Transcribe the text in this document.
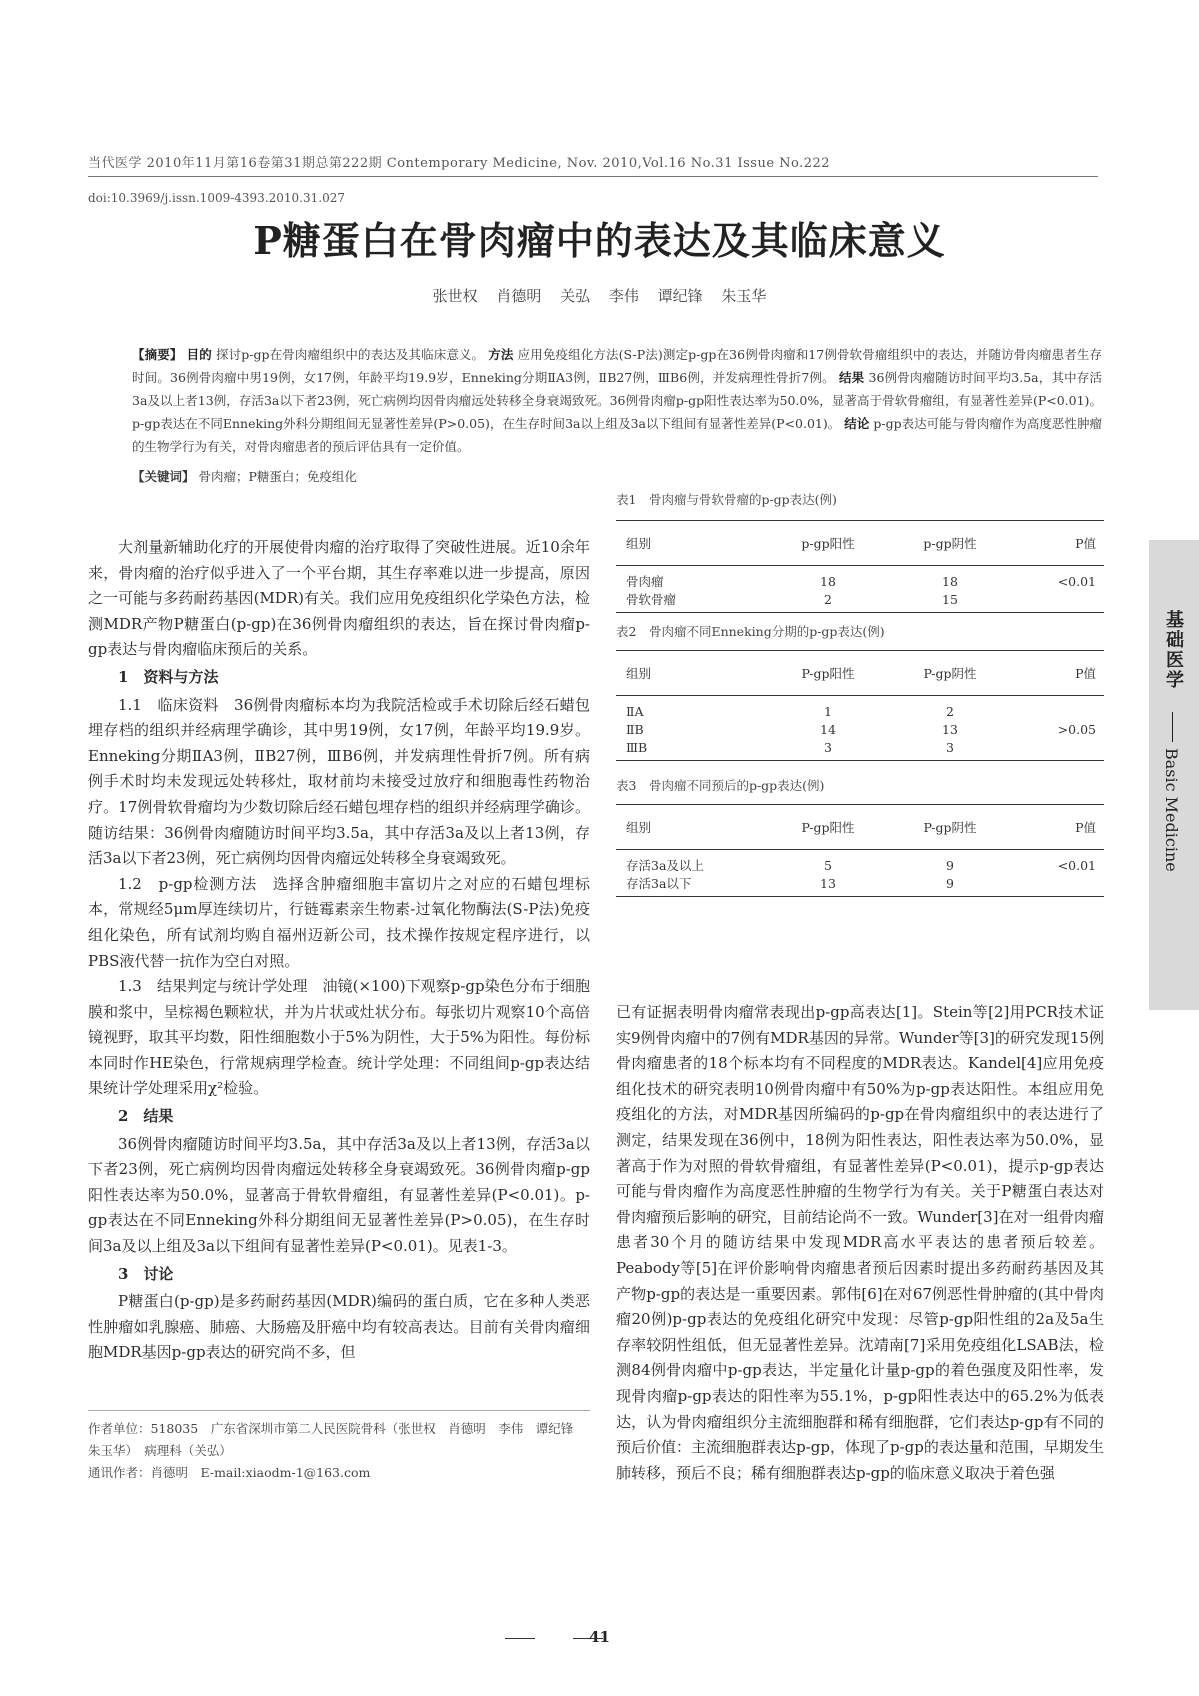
当代医学 2010年11月第16卷第31期总第222期 Contemporary Medicine, Nov. 2010,Vol.16 No.31 Issue No.222
doi:10.3969/j.issn.1009-4393.2010.31.027
P糖蛋白在骨肉瘤中的表达及其临床意义
张世权 肖德明 关弘 李伟 谭纪锋 朱玉华
【摘要】 目的 探讨p-gp在骨肉瘤组织中的表达及其临床意义。 方法 应用免疫组化方法(S-P法)测定p-gp在36例骨肉瘤和17例骨软骨瘤组织中的表达，并随访骨肉瘤患者生存时间。36例骨肉瘤中男19例，女17例，年龄平均19.9岁，Enneking分期ⅡA3例，ⅡB27例，ⅢB6例，并发病理性骨折7例。 结果 36例骨肉瘤随访时间平均3.5a，其中存活3a及以上者13例，存活3a以下者23例，死亡病例均因骨肉瘤远处转移全身衰竭致死。36例骨肉瘤p-gp阳性表达率为50.0%，显著高于骨软骨瘤组，有显著性差异(P<0.01)。p-gp表达在不同Enneking外科分期组间无显著性差异(P>0.05)，在生存时间3a以上组及3a以下组间有显著性差异(P<0.01)。 结论 p-gp表达可能与骨肉瘤作为高度恶性肿瘤的生物学行为有关，对骨肉瘤患者的预后评估具有一定价值。
【关键词】 骨肉瘤；P糖蛋白；免疫组化

大剂量新辅助化疗的开展使骨肉瘤的治疗取得了突破性进展。近10余年来，骨肉瘤的治疗似乎进入了一个平台期，其生存率难以进一步提高，原因之一可能与多药耐药基因(MDR)有关。我们应用免疫组织化学染色方法，检测MDR产物P糖蛋白(p-gp)在36例骨肉瘤组织的表达，旨在探讨骨肉瘤p-gp表达与骨肉瘤临床预后的关系。

1　资料与方法

1.1　临床资料　36例骨肉瘤标本均为我院活检或手术切除后经石蜡包埋存档的组织并经病理学确诊，其中男19例，女17例，年龄平均19.9岁。Enneking分期ⅡA3例，ⅡB27例，ⅢB6例，并发病理性骨折7例。所有病例手术时均未发现远处转移灶，取材前均未接受过放疗和细胞毒性药物治疗。17例骨软骨瘤均为少数切除后经石蜡包埋存档的组织并经病理学确诊。随访结果：36例骨肉瘤随访时间平均3.5a，其中存活3a及以上者13例，存活3a以下者23例，死亡病例均因骨肉瘤远处转移全身衰竭致死。

1.2　p-gp检测方法　选择含肿瘤细胞丰富切片之对应的石蜡包埋标本，常规经5μm厚连续切片，行链霉素亲生物素-过氧化物酶法(S-P法)免疫组化染色，所有试剂均购自福州迈新公司，技术操作按规定程序进行，以PBS液代替一抗作为空白对照。

1.3　结果判定与统计学处理　油镜(×100)下观察p-gp染色分布于细胞膜和浆中，呈棕褐色颗粒状，并为片状或灶状分布。每张切片观察10个高倍镜视野，取其平均数，阳性细胞数小于5%为阴性，大于5%为阳性。每份标本同时作HE染色，行常规病理学检查。统计学处理：不同组间p-gp表达结果统计学处理采用χ²检验。

2　结果

36例骨肉瘤随访时间平均3.5a，其中存活3a及以上者13例，存活3a以下者23例，死亡病例均因骨肉瘤远处转移全身衰竭致死。36例骨肉瘤p-gp阳性表达率为50.0%，显著高于骨软骨瘤组，有显著性差异(P<0.01)。p-gp表达在不同Enneking外科分期组间无显著性差异(P>0.05)，在生存时间3a及以上组及3a以下组间有显著性差异(P<0.01)。见表1-3。

3　讨论

P糖蛋白(p-gp)是多药耐药基因(MDR)编码的蛋白质，它在多种人类恶性肿瘤如乳腺癌、肺癌、大肠癌及肝癌中均有较高表达。目前有关骨肉瘤细胞MDR基因p-gp表达的研究尚不多，但

作者单位：518035　广东省深圳市第二人民医院骨科（张世权　肖德明　李伟　谭纪锋　朱玉华）　病理科（关弘）
通讯作者：肖德明　E-mail:xiaodm-1@163.com
表1　骨肉瘤与骨软骨瘤的p-gp表达(例)
组别	p-gp阳性	p-gp阴性	P值
骨肉瘤	18	18	<0.01
骨软骨瘤	2	15	
表2　骨肉瘤不同Enneking分期的p-gp表达(例)
组别	P-gp阳性	P-gp阴性	P值
ⅡA	1	2	
ⅡB	14	13	>0.05
ⅢB	3	3	
表3　骨肉瘤不同预后的p-gp表达(例)
组别	P-gp阳性	P-gp阴性	P值
存活3a及以上	5	9	<0.01
存活3a以下	13	9	

已有证据表明骨肉瘤常表现出p-gp高表达[1]。Stein等[2]用PCR技术证实9例骨肉瘤中的7例有MDR基因的异常。Wunder等[3]的研究发现15例骨肉瘤患者的18个标本均有不同程度的MDR表达。Kandel[4]应用免疫组化技术的研究表明10例骨肉瘤中有50%为p-gp表达阳性。本组应用免疫组化的方法，对MDR基因所编码的p-gp在骨肉瘤组织中的表达进行了测定，结果发现在36例中，18例为阳性表达，阳性表达率为50.0%，显著高于作为对照的骨软骨瘤组，有显著性差异(P<0.01)，提示p-gp表达可能与骨肉瘤作为高度恶性肿瘤的生物学行为有关。关于P糖蛋白表达对骨肉瘤预后影响的研究，目前结论尚不一致。Wunder[3]在对一组骨肉瘤患者30个月的随访结果中发现MDR高水平表达的患者预后较差。Peabody等[5]在评价影响骨肉瘤患者预后因素时提出多药耐药基因及其产物p-gp的表达是一重要因素。郭伟[6]在对67例恶性骨肿瘤的(其中骨肉瘤20例)p-gp表达的免疫组化研究中发现：尽管p-gp阳性组的2a及5a生存率较阴性组低，但无显著性差异。沈靖南[7]采用免疫组化LSAB法，检测84例骨肉瘤中p-gp表达，半定量化计量p-gp的着色强度及阳性率，发现骨肉瘤p-gp表达的阳性率为55.1%，p-gp阳性表达中的65.2%为低表达，认为骨肉瘤组织分主流细胞群和稀有细胞群，它们表达p-gp有不同的预后价值：主流细胞群表达p-gp，体现了p-gp的表达量和范围，早期发生肺转移，预后不良；稀有细胞群表达p-gp的临床意义取决于着色强

基础医学
Basic Medicine
41
